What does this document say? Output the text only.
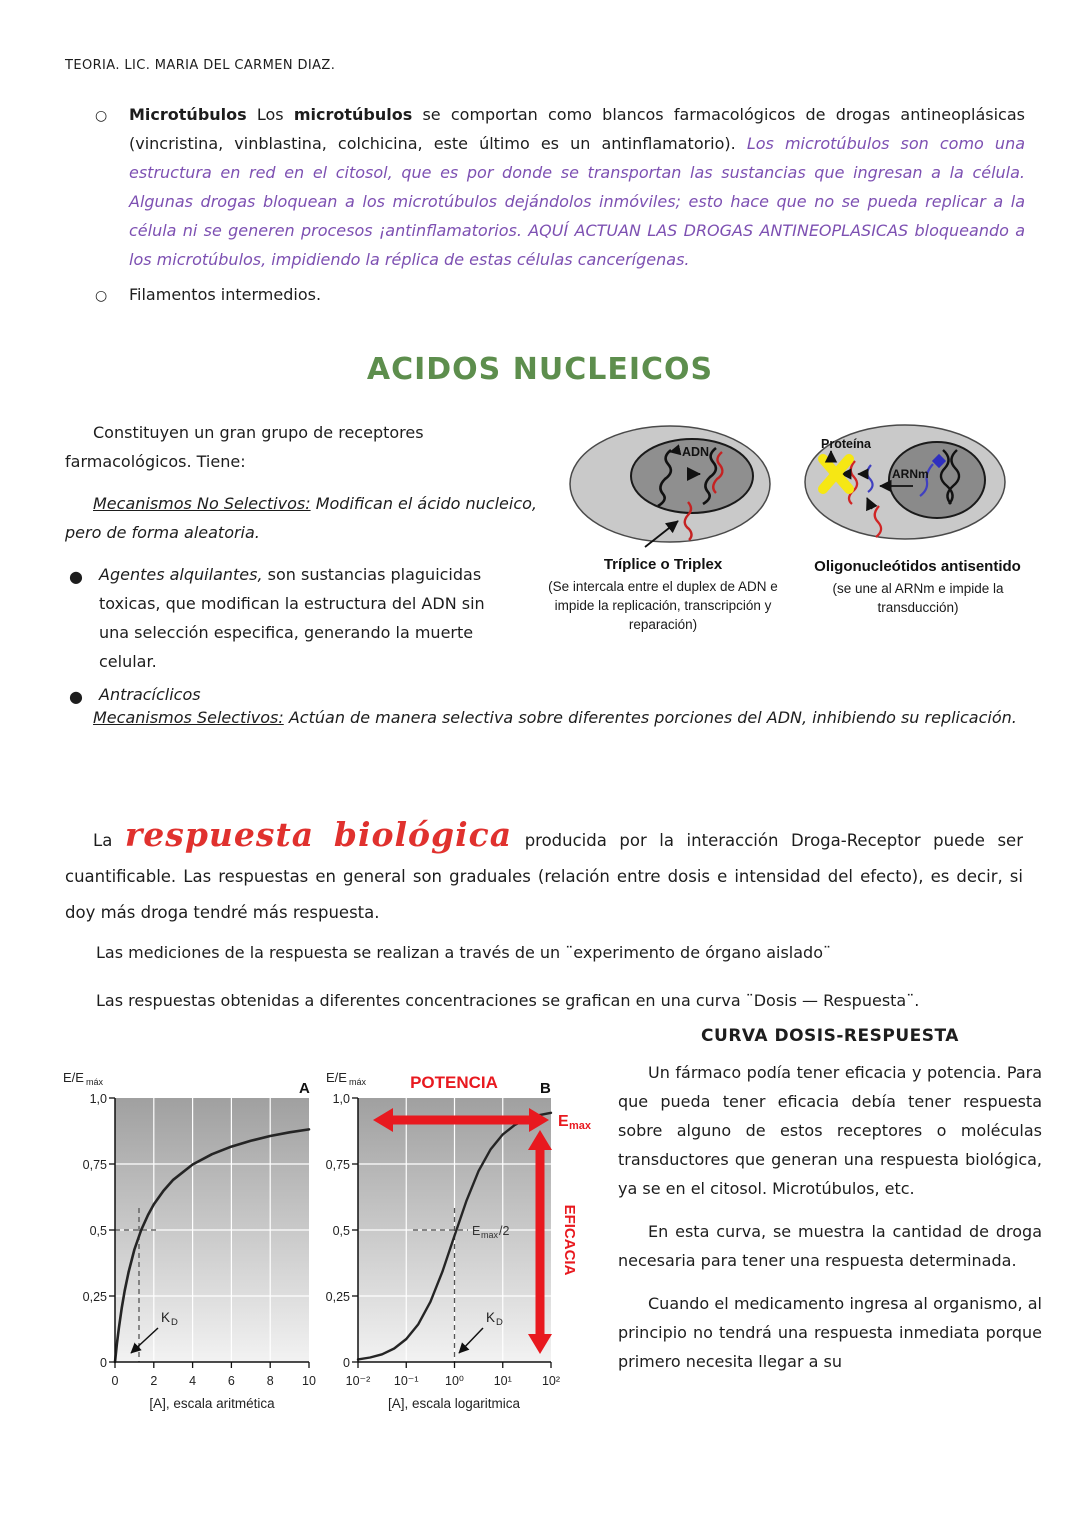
TEORIA. LIC. MARIA DEL CARMEN DIAZ.
○	Microtúbulos Los microtúbulos se comportan como blancos farmacológicos de drogas antineoplásicas (vincristina, vinblastina, colchicina, este último es un antinflamatorio). Los microtúbulos son como una estructura en red en el citosol, que es por donde se transportan las sustancias que ingresan a la célula. Algunas drogas bloquean a los microtúbulos dejándolos inmóviles; esto hace que no se pueda replicar a la célula ni se generen procesos ¡antinflamatorios. AQUÍ ACTUAN LAS DROGAS ANTINEOPLASICAS bloqueando a los microtúbulos, impidiendo la réplica de estas células cancerígenas.
○	Filamentos intermedios.
ACIDOS NUCLEICOS

Constituyen un gran grupo de receptores farmacológicos. Tiene:

Mecanismos No Selectivos: Modifican el ácido nucleico, pero de forma aleatoria.

●	Agentes alquilantes, son sustancias plaguicidas toxicas, que modifican la estructura del ADN sin una selección especifica, generando la muerte celular.
●	Antracíclicos

Mecanismos Selectivos: Actúan de manera selectiva sobre diferentes porciones del ADN, inhibiendo su replicación.

ADN
Tríplice o Triplex
(Se intercala entre el duplex de ADN e impide la replicación, transcripción y reparación)
ARNm
Proteína
Oligonucleótidos antisentido
(se une al ARNm e impide la transducción)

La respuesta biológica producida por la interacción Droga-Receptor puede ser cuantificable. Las respuestas en general son graduales (relación entre dosis e intensidad del efecto), es decir, si doy más droga tendré más respuesta.

Las mediciones de la respuesta se realizan a través de un ¨experimento de órgano aislado¨

Las respuestas obtenidas a diferentes concentraciones se grafican en una curva ¨Dosis — Respuesta¨.

E/E máx	A
1,0
0,75
0,5
0,25
0
0	2	4	6	8 10
[A], escala aritmética
K D
POTENCIA
E max
EFICACIA
B
E/E máx
1,0
0,75
0,5
0,25
0
10⁻² 10⁻¹ 10⁰ 10¹ 10²
[A], escala logaritmica
E max /2
K D
CURVA DOSIS-RESPUESTA

Un fármaco podía tener eficacia y potencia. Para que pueda tener eficacia debía tener respuesta sobre alguno de estos receptores o moléculas transductores que generan una respuesta biológica, ya se en el citosol. Microtúbulos, etc.

En esta curva, se muestra la cantidad de droga necesaria para tener una respuesta determinada.

Cuando el medicamento ingresa al organismo, al principio no tendrá una respuesta inmediata porque primero necesita llegar a su
